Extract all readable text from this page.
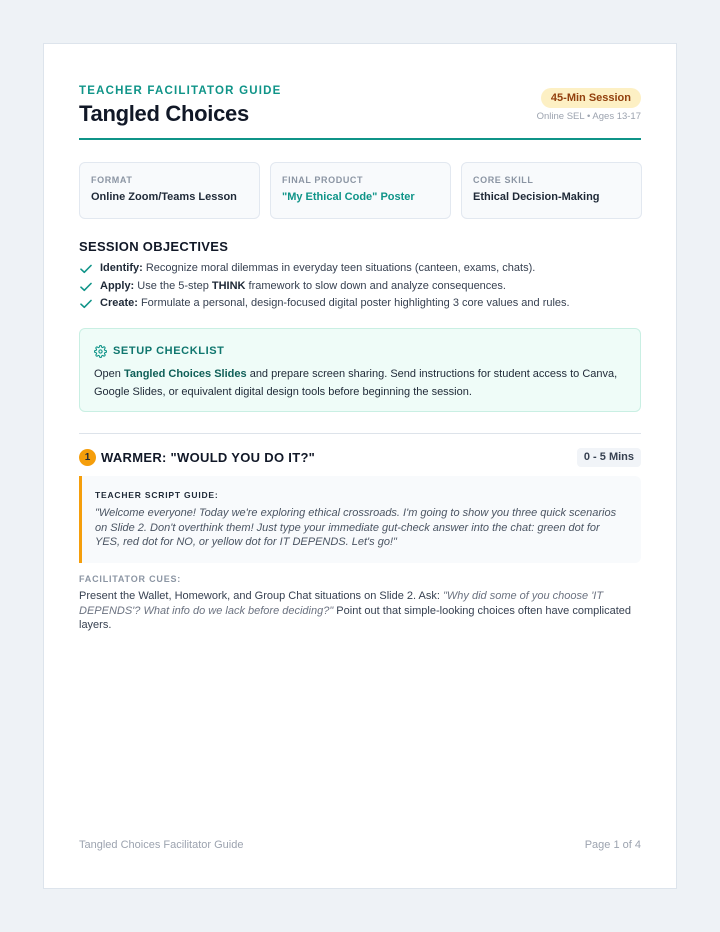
TEACHER FACILITATOR GUIDE
Tangled Choices
45-Min Session
Online SEL • Ages 13-17
FORMAT
Online Zoom/Teams Lesson
FINAL PRODUCT
"My Ethical Code" Poster
CORE SKILL
Ethical Decision-Making
SESSION OBJECTIVES
Identify: Recognize moral dilemmas in everyday teen situations (canteen, exams, chats).
Apply: Use the 5-step THINK framework to slow down and analyze consequences.
Create: Formulate a personal, design-focused digital poster highlighting 3 core values and rules.
SETUP CHECKLIST
Open Tangled Choices Slides and prepare screen sharing. Send instructions for student access to Canva, Google Slides, or equivalent digital design tools before beginning the session.
1 WARMER: "WOULD YOU DO IT?"	0 - 5 Mins
TEACHER SCRIPT GUIDE:
"Welcome everyone! Today we're exploring ethical crossroads. I'm going to show you three quick scenarios on Slide 2. Don't overthink them! Just type your immediate gut-check answer into the chat: green dot for YES, red dot for NO, or yellow dot for IT DEPENDS. Let's go!"
FACILITATOR CUES:
Present the Wallet, Homework, and Group Chat situations on Slide 2. Ask: "Why did some of you choose 'IT DEPENDS'? What info do we lack before deciding?" Point out that simple-looking choices often have complicated layers.
Tangled Choices Facilitator Guide	Page 1 of 4
